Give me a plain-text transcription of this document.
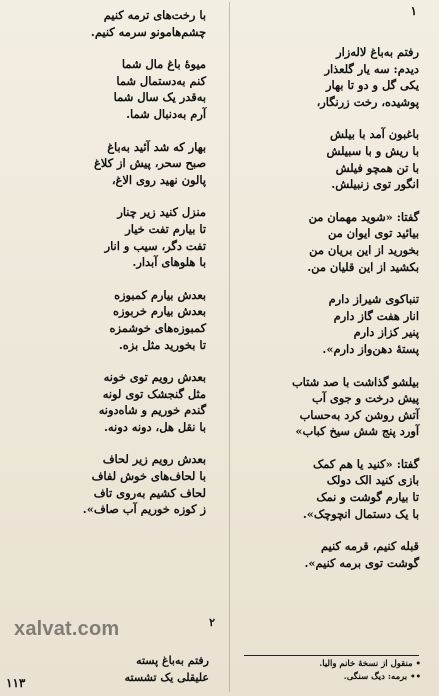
۱
رفتم به‌باغ لاله‌زار
دیدم: سه یار گلعذار
یکی گل و دو تا بهار
پوشیده، رخت زرنگار،
باغبون آمد با بیلش
با ریش و با سبیلش
با تن همچو فیلش
انگور توی زنبیلش.
گفتا: «شوید مهمان من
بیائید توی ایوان من
بخورید از این بریان من
بکشید از این قلیان من.
تنباکوی شیراز دارم
انار هفت گاز دارم
پنیر کزاز دارم
پستهٔ دهن‌واز دارم».
بیلشو گذاشت با صد شتاب
پیش درخت و جوی آب
آتش روشن کرد به‌حساب
آورد پنج شش سیخ کباب»
گفتا: «کنید یا هم کمک
بازی کنید الک دولک
تا بیارم گوشت و نمک
با یک دستمال انچوچک».
قبله کنیم، قرمه کنیم
گوشت توی برمه کنیم».
با رخت‌های ترمه کنیم
چشم‌هامونو سرمه کنیم.
میوهٔ باغ مال شما
کنم به‌دستمال شما
به‌قدر یک سال شما
آرم به‌دنبال شما.
بهار که شد آئید به‌باغ
صبح سحر، پیش از کلاغ
پالون نهید روی الاغ،
منزل کنید زیر چنار
تا بیارم تفت خیار
تفت دگر، سیب و انار
با هلوهای آبدار.
بعدش بیارم کمبوزه
بعدش بیارم خربوزه
کمبوزه‌های خوشمزه
تا بخورید مثل بزه.
بعدش رویم توی خونه
مثل گنجشک توی لونه
گندم خوریم و شاه‌دونه
با نقل هل، دونه دونه.
بعدش رویم زیر لحاف
با لحاف‌های خوش لفاف
لحاف کشیم به‌روی تاف
ز کوزه خوریم آب صاف».
xalvat.com	۲
رفتم به‌باغ پسته
علیقلی یک تشسته
• منقول از نسخهٔ خانم والیا.
•• برمه: دیگ سنگی.
۱۱۳
